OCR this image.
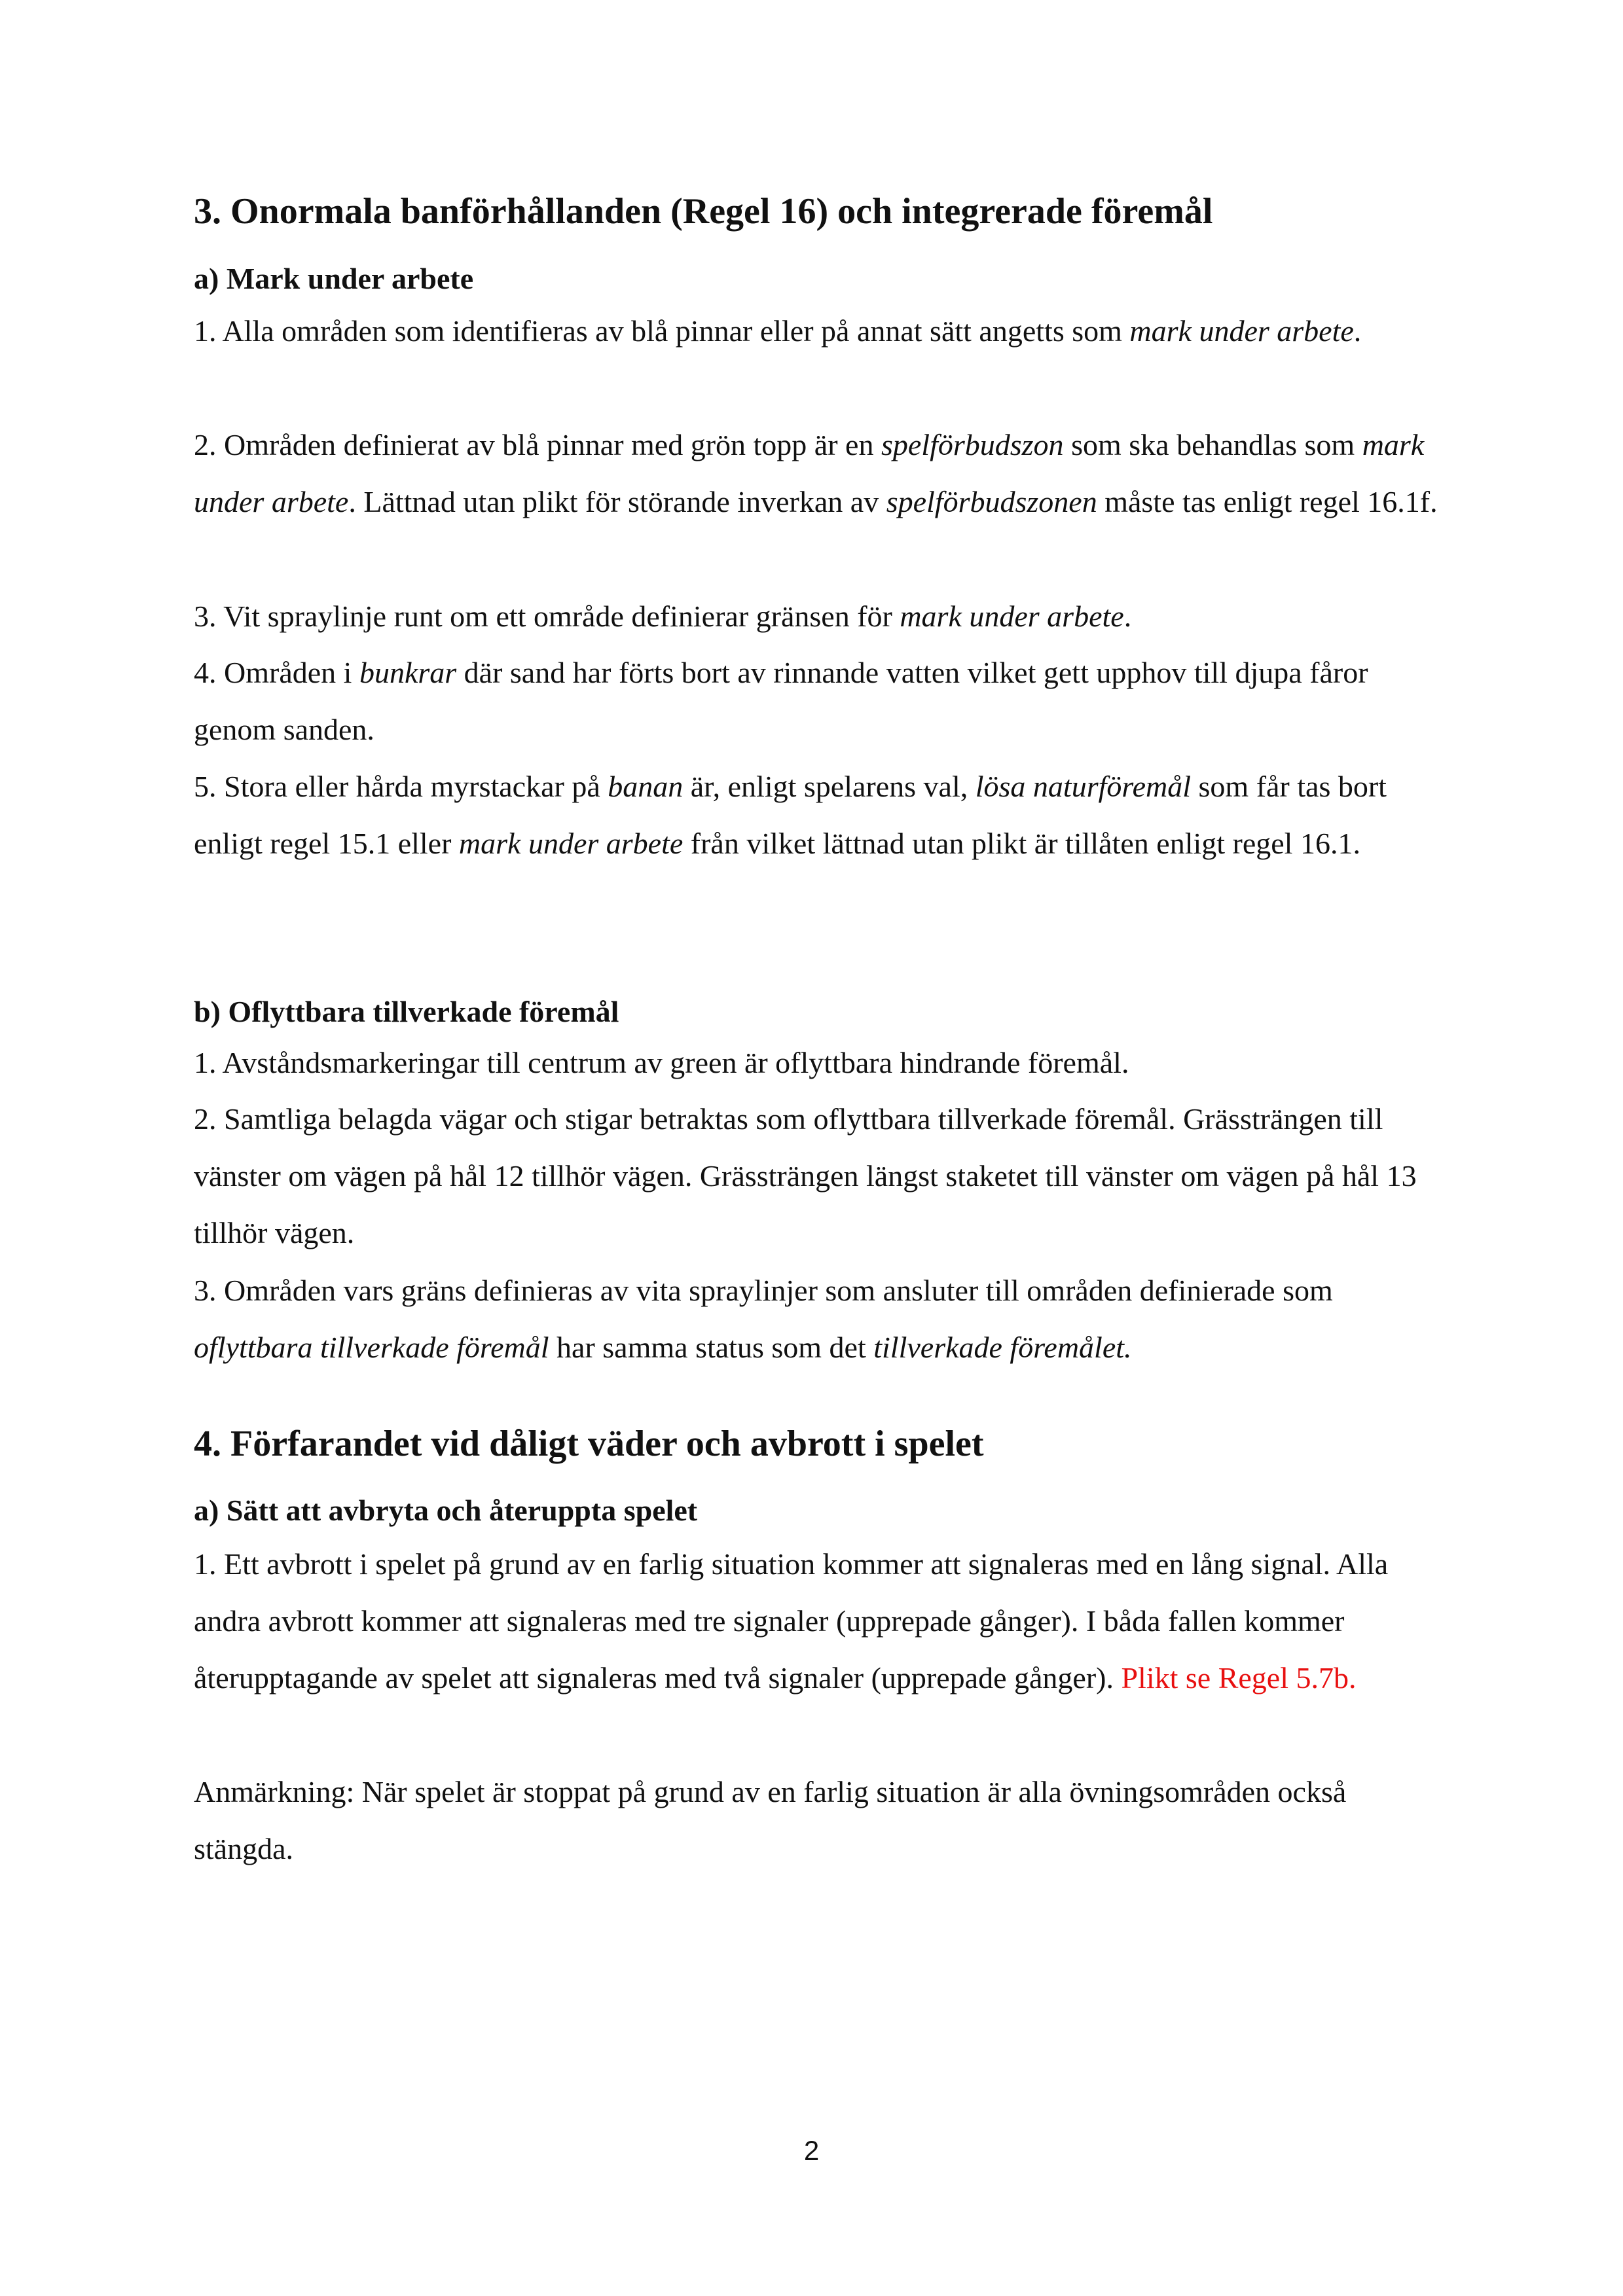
3. Onormala banförhållanden (Regel 16) och integrerade föremål
a) Mark under arbete

1. Alla områden som identifieras av blå pinnar eller på annat sätt angetts som mark under arbete.

2. Områden definierat av blå pinnar med grön topp är en spelförbudszon som ska behandlas som mark under arbete. Lättnad utan plikt för störande inverkan av spelförbudszonen måste tas enligt regel 16.1f.

3. Vit spraylinje runt om ett område definierar gränsen för mark under arbete.

4. Områden i bunkrar där sand har förts bort av rinnande vatten vilket gett upphov till djupa fåror genom sanden.

5. Stora eller hårda myrstackar på banan är, enligt spelarens val, lösa naturföremål som får tas bort enligt regel 15.1 eller mark under arbete från vilket lättnad utan plikt är tillåten enligt regel 16.1.

b) Oflyttbara tillverkade föremål

1. Avståndsmarkeringar till centrum av green är oflyttbara hindrande föremål.

2. Samtliga belagda vägar och stigar betraktas som oflyttbara tillverkade föremål. Grässträngen till vänster om vägen på hål 12 tillhör vägen. Grässträngen längst staketet till vänster om vägen på hål 13 tillhör vägen.

3. Områden vars gräns definieras av vita spraylinjer som ansluter till områden definierade som oflyttbara tillverkade föremål har samma status som det tillverkade föremålet.

4. Förfarandet vid dåligt väder och avbrott i spelet
a) Sätt att avbryta och återuppta spelet

1. Ett avbrott i spelet på grund av en farlig situation kommer att signaleras med en lång signal. Alla andra avbrott kommer att signaleras med tre signaler (upprepade gånger). I båda fallen kommer återupptagande av spelet att signaleras med två signaler (upprepade gånger). Plikt se Regel 5.7b.

Anmärkning: När spelet är stoppat på grund av en farlig situation är alla övningsområden också stängda.

2
